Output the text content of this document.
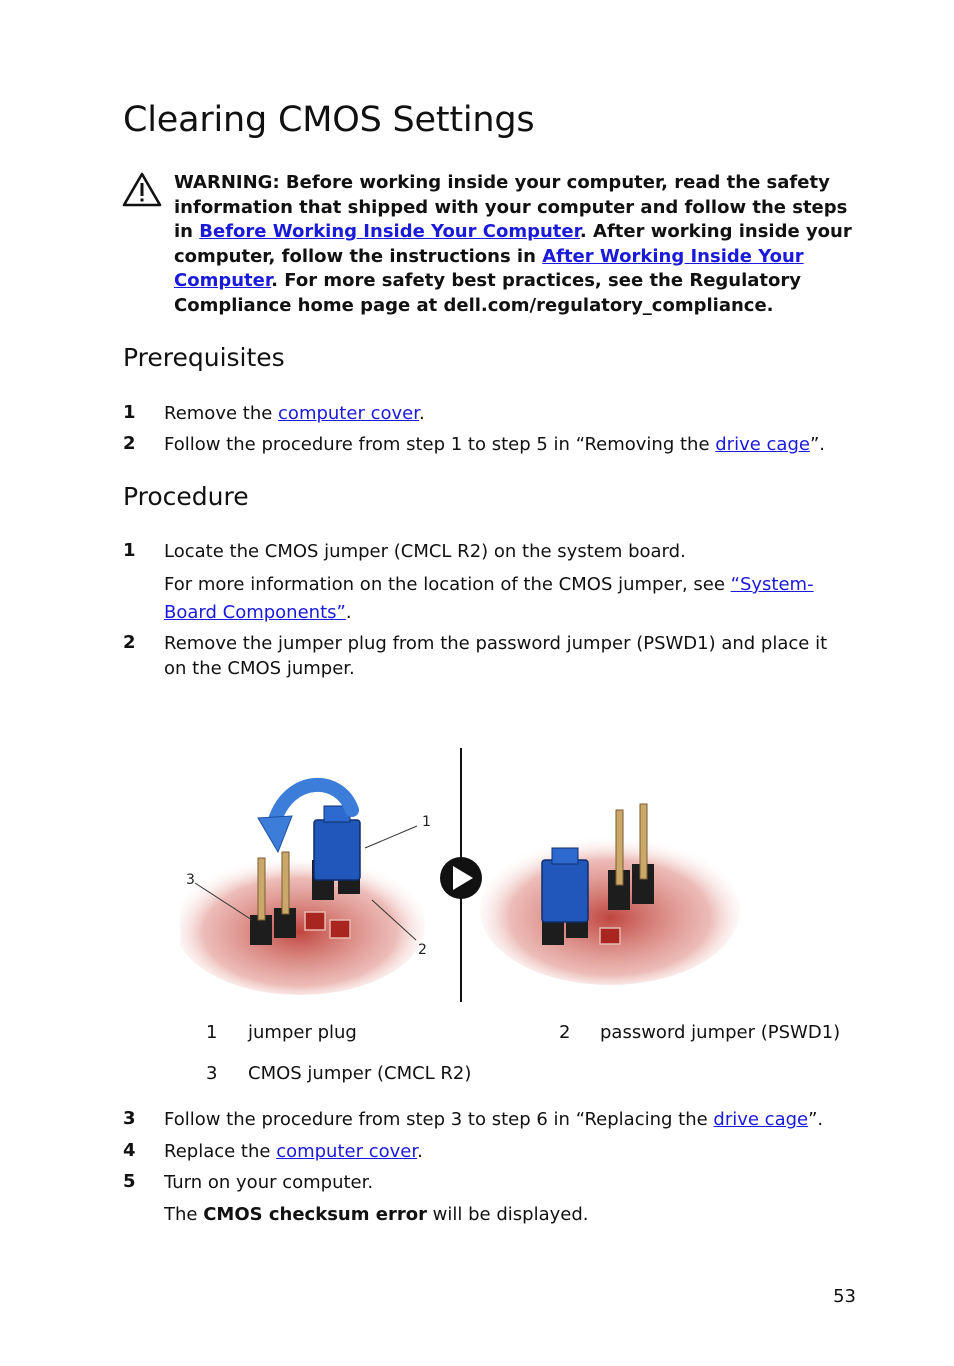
Clearing CMOS Settings
WARNING: Before working inside your computer, read the safety information that shipped with your computer and follow the steps in Before Working Inside Your Computer. After working inside your computer, follow the instructions in After Working Inside Your Computer. For more safety best practices, see the Regulatory Compliance home page at dell.com/regulatory_compliance.
Prerequisites
1 Remove the computer cover.
2 Follow the procedure from step 1 to step 5 in “Removing the drive cage”.
Procedure
1 Locate the CMOS jumper (CMCL R2) on the system board.
For more information on the location of the CMOS jumper, see “System-Board Components”.
2 Remove the jumper plug from the password jumper (PSWD1) and place it on the CMOS jumper.
1
2
3
1 jumper plug	2 password jumper (PSWD1)
3 CMOS jumper (CMCL R2)
3 Follow the procedure from step 3 to step 6 in “Replacing the drive cage”.
4 Replace the computer cover.
5 Turn on your computer.
The CMOS checksum error will be displayed.
53
